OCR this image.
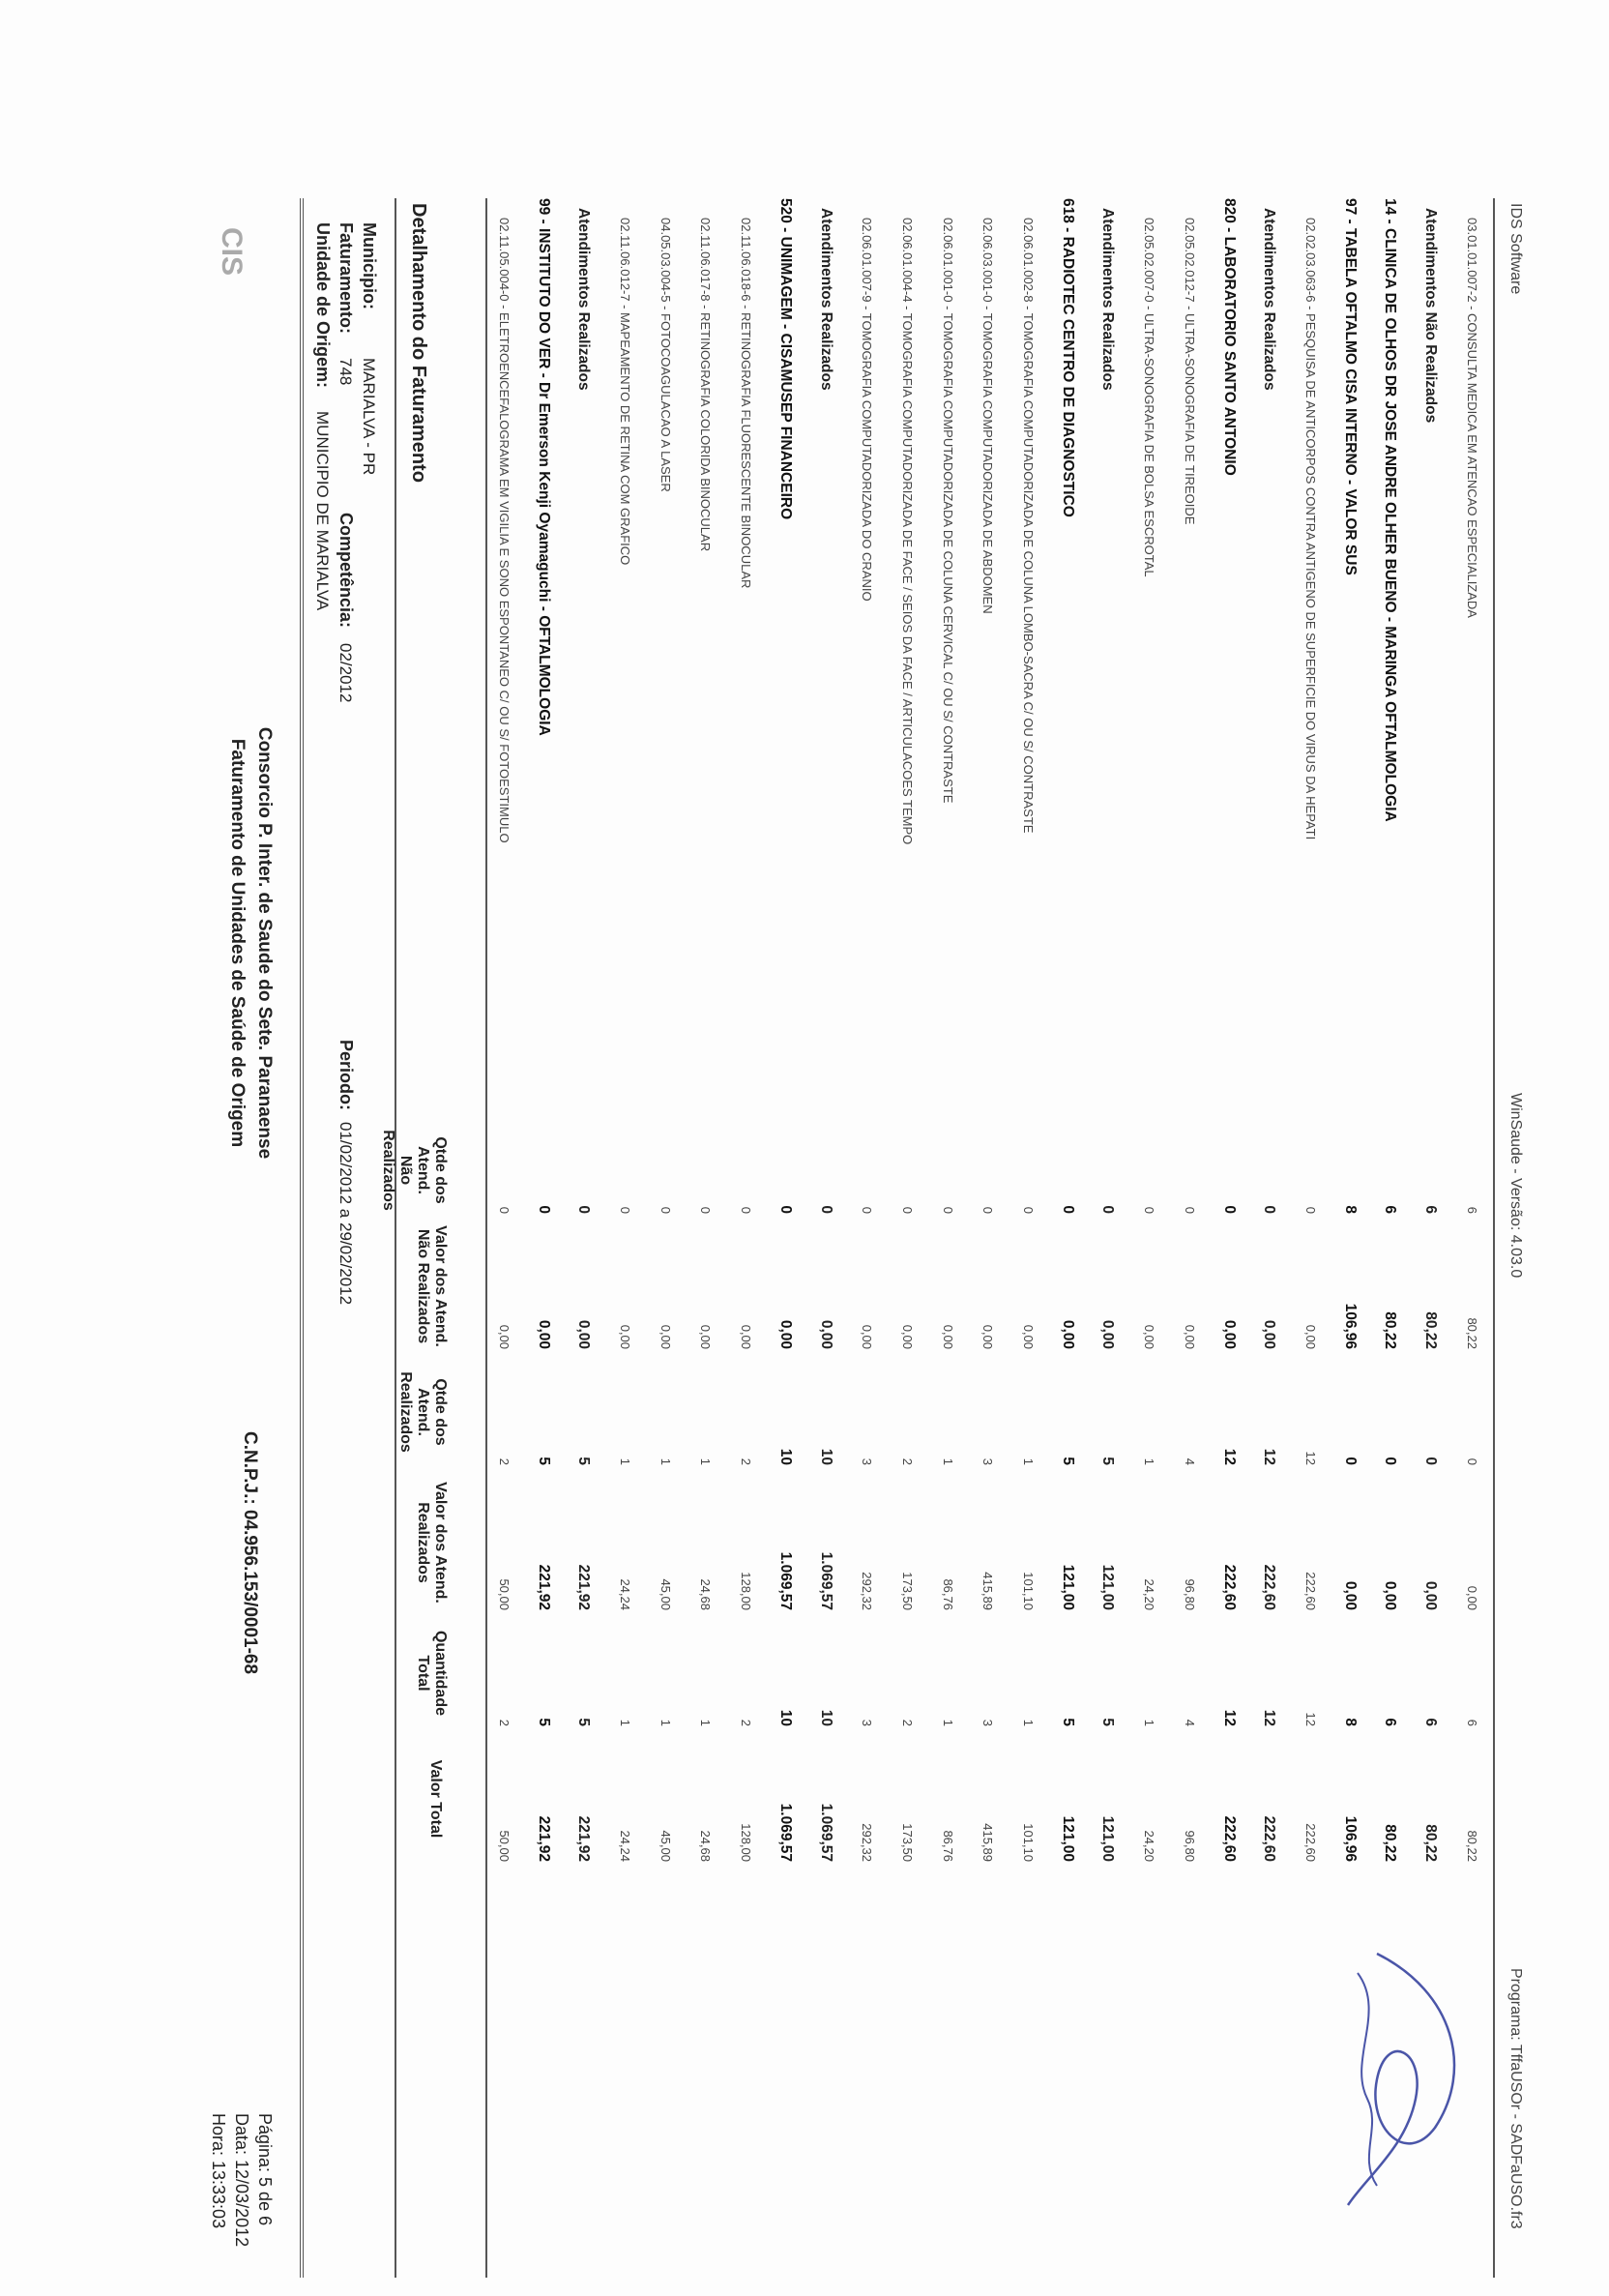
CIS
Consorcio P. Inter. de Saude do Sete. Paranaense
Faturamento de Unidades de Saúde de Origem
C.N.P.J.: 04.956.153/0001-68
Página: 5 de 6
Data: 12/03/2012
Hora: 13:33:03
Unidade de Origem:
MUNICIPIO DE MARIALVA
Faturamento:
748
Competência:
02/2012
Periodo:
01/02/2012 a 29/02/2012
Municipio:
MARIALVA - PR Detalhamento do Faturamento
Qtde dos Atend.
Não Realizados
Valor dos Atend.
Não Realizados
Qtde dos Atend.
Realizados
Valor dos Atend.
Realizados
Quantidade
Total
Valor Total
02.11.05.004-0 - ELETROENCEFALOGRAMA EM VIGILIA E SONO ESPONTANEO C/ OU S/ FOTOESTIMULO
0
0,00
2
50,00
2
50,00
99 - INSTITUTO DO VER - Dr Emerson Kenji Oyamaguchi - OFTALMOLOGIA
0
0,00
5
221,92
5
221,92
Atendimentos Realizados
0
0,00
5
221,92
5
221,92
02.11.06.012-7 - MAPEAMENTO DE RETINA COM GRAFICO
0
0,00
1
24,24
1
24,24
04.05.03.004-5 - FOTOCOAGULACAO A LASER
0
0,00
1
45,00
1
45,00
02.11.06.017-8 - RETINOGRAFIA COLORIDA BINOCULAR
0
0,00
1
24,68
1
24,68
02.11.06.018-6 - RETINOGRAFIA FLUORESCENTE BINOCULAR
0
0,00
2
128,00
2
128,00
520 - UNIMAGEM - CISAMUSEP FINANCEIRO
0
0,00
10
1.069,57
10
1.069,57
Atendimentos Realizados
0
0,00
10
1.069,57
10
1.069,57
02.06.01.007-9 - TOMOGRAFIA COMPUTADORIZADA DO CRANIO
0
0,00
3
292,32
3
292,32
02.06.01.004-4 - TOMOGRAFIA COMPUTADORIZADA DE FACE / SEIOS DA FACE / ARTICULACOES TEMPO
0
0,00
2
173,50
2
173,50
02.06.01.001-0 - TOMOGRAFIA COMPUTADORIZADA DE COLUNA CERVICAL C/ OU S/ CONTRASTE
0
0,00
1
86,76
1
86,76
02.06.03.001-0 - TOMOGRAFIA COMPUTADORIZADA DE ABDOMEN
0
0,00
3
415,89
3
415,89
02.06.01.002-8 - TOMOGRAFIA COMPUTADORIZADA DE COLUNA LOMBO-SACRA C/ OU S/ CONTRASTE
0
0,00
1
101,10
1
101,10
618 - RADIOTEC CENTRO DE DIAGNOSTICO
0
0,00
5
121,00
5
121,00
Atendimentos Realizados
0
0,00
5
121,00
5
121,00
02.05.02.007-0 - ULTRA-SONOGRAFIA DE BOLSA ESCROTAL
0
0,00
1
24,20
1
24,20
02.05.02.012-7 - ULTRA-SONOGRAFIA DE TIREOIDE
0
0,00
4
96,80
4
96,80
820 - LABORATORIO SANTO ANTONIO
0
0,00
12
222,60
12
222,60
Atendimentos Realizados
0
0,00
12
222,60
12
222,60
02.02.03.063-6 - PESQUISA DE ANTICORPOS CONTRA ANTIGENO DE SUPERFICIE DO VIRUS DA HEPATI
0
0,00
12
222,60
12
222,60
97 - TABELA OFTALMO CISA INTERNO - VALOR SUS
8
106,96
0
0,00
8
106,96
14 - CLINICA DE OLHOS DR JOSE ANDRE OLHER BUENO - MARINGA OFTALMOLOGIA
6
80,22
0
0,00
6
80,22
Atendimentos Não Realizados
6
80,22
0
0,00
6
80,22
03.01.01.007-2 - CONSULTA MEDICA EM ATENCAO ESPECIALIZADA
6
80,22
0
0,00
6
80,22
IDS Software
WinSaude - Versão: 4.03.0
Programa: TffaUSOr - SADFaUSO.fr3
